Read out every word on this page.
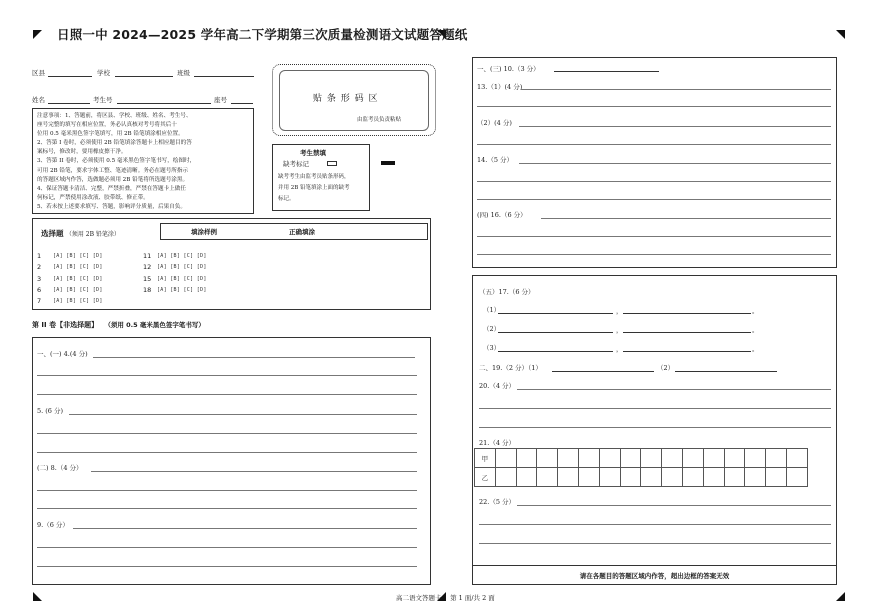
日照一中 2024—2025 学年高二下学期第三次质量检测语文试题答题纸
区县	学校	班级
姓名	考生号	座号
注意事项：1、答题前，将区县、学校、班级、姓名、考生号、
座号完整的填写在相应位置，务必认真核对考号将其后十
位用 0.5 毫米黑色签字笔填写，用 2B 铅笔填涂相应位置。
2、答第 I 卷时，必须使用 2B 铅笔填涂答题卡上相应题目的答
案标号，修改时，要用橡皮擦干净。
3、答第 II 卷时，必须使用 0.5 毫米黑色签字笔书写，绘图时，
可用 2B 铅笔，要求字体工整、笔迹清晰。务必在题号所指示
的答题区域内作答，选做题必须用 2B 铅笔将所选题号涂黑。
4、保证答题卡清洁、完整，严禁折叠，严禁在答题卡上做任
何标记，严禁使用涂改液、胶带纸、修正带。
5、若未按上述要求填写、答题，影响评分质量，后果自负。
贴 条 形 码 区
由监考员负责粘贴
考生禁填
缺考标记
缺考考生由监考员贴条形码，
并用 2B 铅笔填涂上面的缺考
标记。
选择题 （须用 2B 铅笔涂）	填涂样例	正确填涂
1 [A] [B] [C] [D]
2 [A] [B] [C] [D]
3 [A] [B] [C] [D]
6 [A] [B] [C] [D]
7 [A] [B] [C] [D]
11 [A] [B] [C] [D]
12 [A] [B] [C] [D]
15 [A] [B] [C] [D]
18 [A] [B] [C] [D]
第 II 卷【非选择题】 （须用 0.5 毫米黑色签字笔书写）
一、(一) 4.(4 分)
5. (6 分)
(二) 8.（4 分）
9.（6 分）
一、(三) 10.（3 分）
13.（1）(4 分)
（2）(4 分)
14.（5 分）
(四) 16.（6 分）
（五）17.（6 分）
（1）	，	。
（2）	，	。
（3）	，	。
二、19.（2 分）（1）	（2）
20.（4 分）
21.（4 分）
甲															
乙															
22.（5 分）
请在各题目的答题区域内作答，超出边框的答案无效
高二语文答题卡　 第 1 面/共 2 面
